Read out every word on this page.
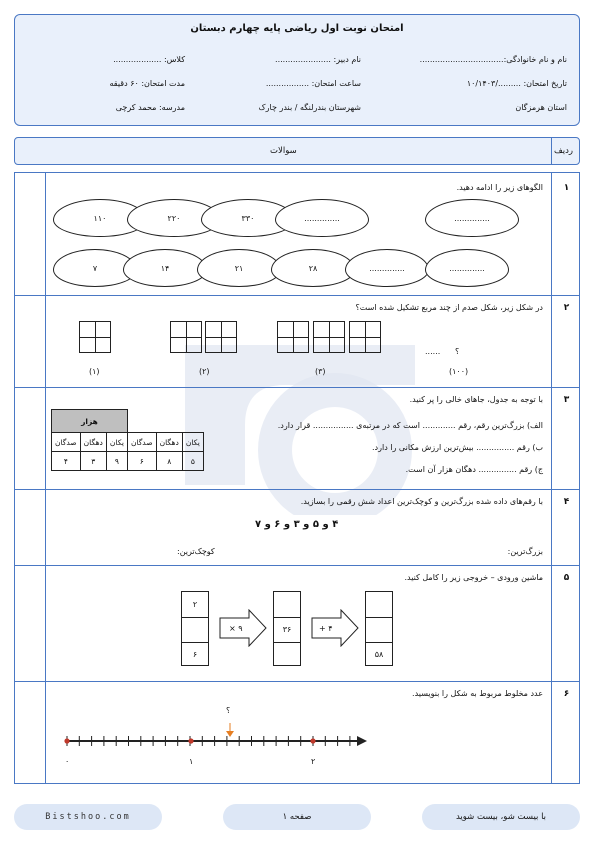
امتحان نوبت اول ریاضی پایه چهارم دبستان
نام و نام خانوادگی:.................................
نام دبیر: ......................
کلاس: ...................
تاریخ امتحان: ........./۱۰/۱۴۰۳
ساعت امتحان: .................
مدت امتحان: ۶۰ دقیقه
استان هرمزگان
شهرستان بندرلنگه / بندر چارک
مدرسه: محمد کرچی
ردیف
سوالات
۱
الگوهای زیر را ادامه دهید.
۱۱۰	۲۲۰	۳۳۰	..............	..............
۷	۱۴	۲۱	۲۸	..............	..............
۲
در شکل زیر، شکل صدم از چند مربع تشکیل شده است؟
؟
......
(۱)	(۲)	(۳)	(۱۰۰)
۳
با توجه به جدول، جاهای خالی را پر کنید.
الف) بزرگ‌ترین رقم، رقم ............. است که در مرتبه‌ی ................ قرار دارد.
ب) رقم ............... بیش‌ترین ارزش مکانی را دارد.
ج) رقم ............... دهگان هزار آن است.
هزار					
صدگان	دهگان	یکان	صدگان	دهگان	یکان
۴	۳	۹	۶	۸	۵
۴
با رقم‌های داده شده بزرگ‌ترین و کوچک‌ترین اعداد شش رقمی را بسازید.
۴ و ۵ و ۳ و ۶ و ۷
بزرگ‌ترین:
کوچک‌ترین:
۵
ماشین ورودی – خروجی زیر را کامل کنید.
۲
۶
۹ ×	۳۶	۴ +
۵۸
۶
عدد مخلوط مربوط به شکل را بنویسید.
؟
۰	۱	۲
Bistshoo.com	صفحه ۱	با بیست شو، بیست شوید
